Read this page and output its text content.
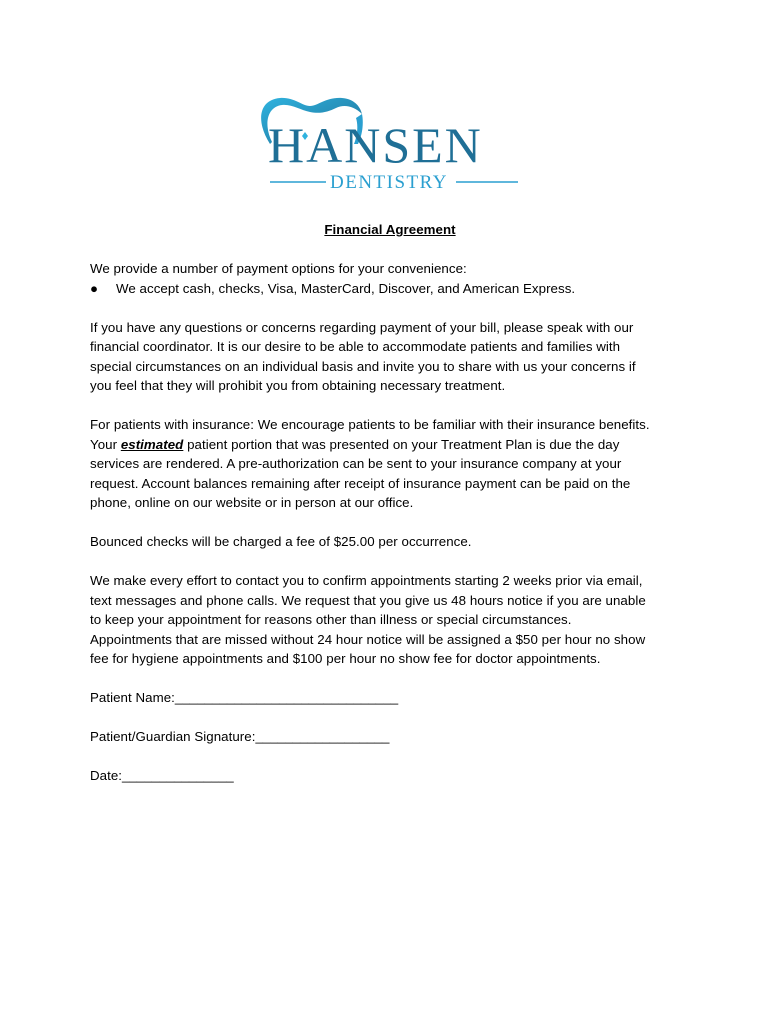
HANSEN
DENTISTRY
Financial Agreement

We provide a number of payment options for your convenience:
● We accept cash, checks, Visa, MasterCard, Discover, and American Express.

If you have any questions or concerns regarding payment of your bill, please speak with our
financial coordinator. It is our desire to be able to accommodate patients and families with
special circumstances on an individual basis and invite you to share with us your concerns if
you feel that they will prohibit you from obtaining necessary treatment.

For patients with insurance: We encourage patients to be familiar with their insurance benefits.
Your estimated patient portion that was presented on your Treatment Plan is due the day
services are rendered. A pre-authorization can be sent to your insurance company at your
request. Account balances remaining after receipt of insurance payment can be paid on the
phone, online on our website or in person at our office.

Bounced checks will be charged a fee of $25.00 per occurrence.

We make every effort to contact you to confirm appointments starting 2 weeks prior via email,
text messages and phone calls. We request that you give us 48 hours notice if you are unable
to keep your appointment for reasons other than illness or special circumstances.
Appointments that are missed without 24 hour notice will be assigned a $50 per hour no show
fee for hygiene appointments and $100 per hour no show fee for doctor appointments.

Patient Name:______________________________
Patient/Guardian Signature:__________________
Date:_______________
